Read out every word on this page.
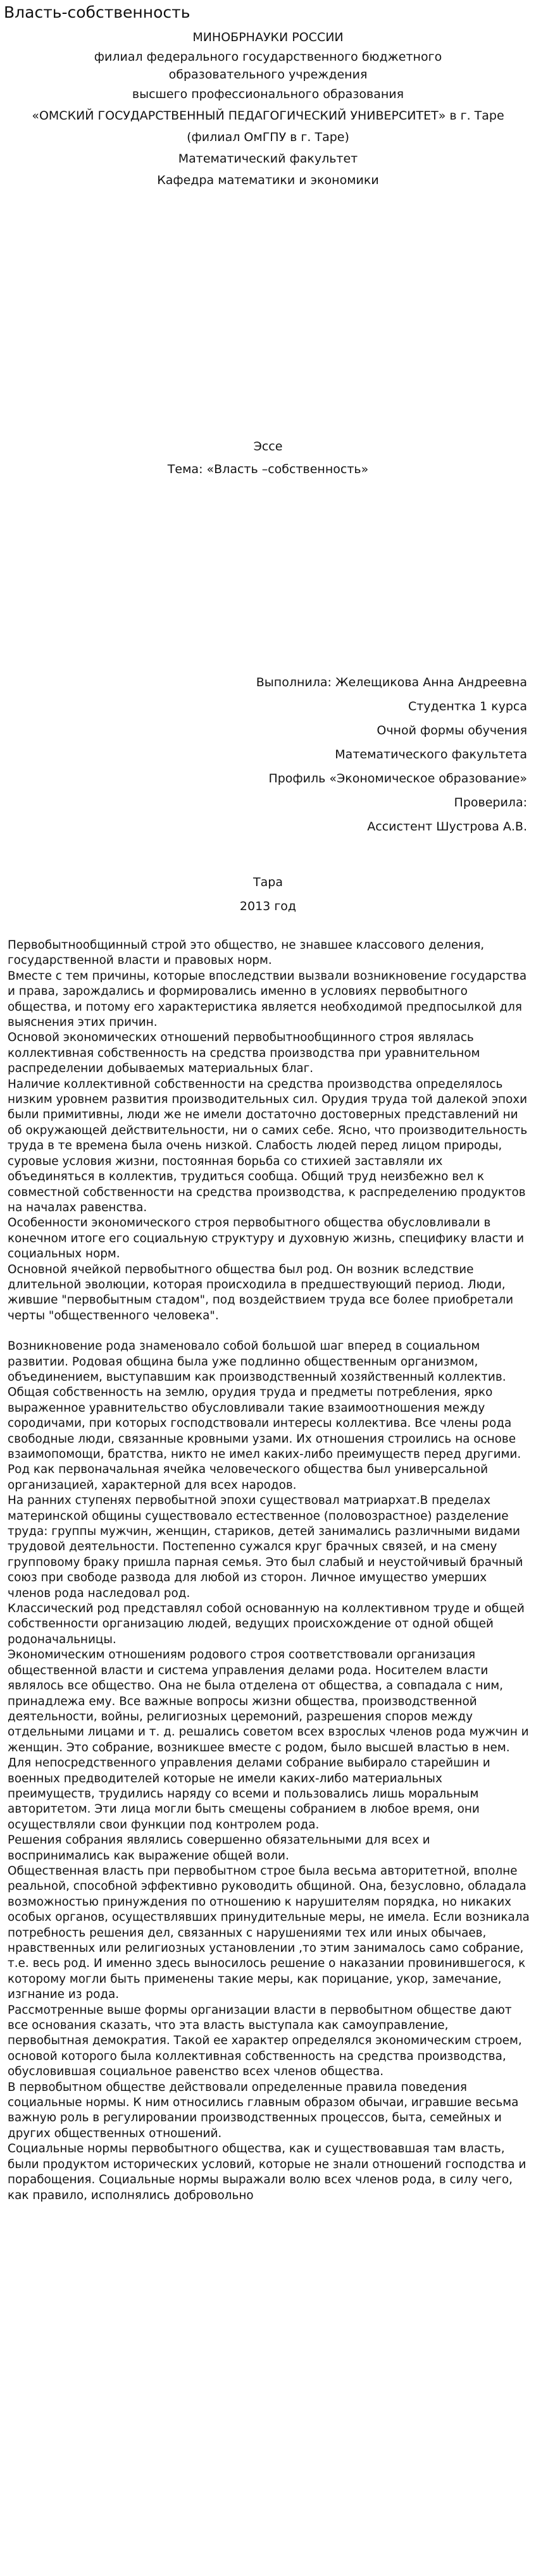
Власть-собственность
МИНОБРНАУКИ РОССИИ
филиал федерального государственного бюджетного образовательного учреждения
высшего профессионального образования
«ОМСКИЙ ГОСУДАРСТВЕННЫЙ ПЕДАГОГИЧЕСКИЙ УНИВЕРСИТЕТ» в г. Таре
(филиал ОмГПУ в г. Таре)
Математический факультет
Кафедра математики и экономики
Эссе
Тема: «Власть –собственность»
Выполнила: Желещикова Анна Андреевна
Студентка 1 курса
Очной формы обучения
Математического факультета
Профиль «Экономическое образование»
Проверила:
Ассистент Шустрова А.В.
Тара
2013 год

Первобытнообщинный строй это общество, не знавшее классового деления, государственной власти и правовых норм.

Вместе с тем причины, которые впоследствии вызвали возникновение государства и права, зарождались и формировались именно в условиях первобытного общества, и потому его характеристика является необходимой предпосылкой для выяснения этих причин.

Основой экономических отношений первобытнообщинного строя являлась коллективная собственность на средства производства при уравнительном распределении добываемых материальных благ.

Наличие коллективной собственности на средства производства определялось низким уровнем развития производительных сил. Орудия труда той далекой эпохи были примитивны, люди же не имели достаточно достоверных представлений ни об окружающей действительности, ни о самих себе. Ясно, что производительность труда в те времена была очень низкой. Слабость людей перед лицом природы, суровые условия жизни, постоянная борьба со стихией заставляли их объединяться в коллектив, трудиться сообща. Общий труд неизбежно вел к совместной собственности на средства производства, к распределению продуктов на началах равенства.

Особенности экономического строя первобытного общества обусловливали в конечном итоге его социальную структуру и духовную жизнь, специфику власти и социальных норм.

Основной ячейкой первобытного общества был род. Он возник вследствие длительной эволюции, которая происходила в предшествующий период. Люди, жившие "первобытным стадом", под воздействием труда все более приобретали черты "общественного человека".

Возникновение рода знаменовало собой большой шаг вперед в социальном развитии. Родовая община была уже подлинно общественным организмом, объединением, выступавшим как производственный хозяйственный коллектив. Общая собственность на землю, орудия труда и предметы потребления, ярко выраженное уравнительство обусловливали такие взаимоотношения между сородичами, при которых господствовали интересы коллектива. Все члены рода свободные люди, связанные кровными узами. Их отношения строились на основе взаимопомощи, братства, никто не имел каких-либо преимуществ перед другими. Род как первоначальная ячейка человеческого общества был универсальной организацией, характерной для всех народов.

На ранних ступенях первобытной эпохи существовал матриархат.В пределах материнской общины существовало естественное (половозрастное) разделение труда: группы мужчин, женщин, стариков, детей занимались различными видами трудовой деятельности. Постепенно сужался круг брачных связей, и на смену групповому браку пришла парная семья. Это был слабый и неустойчивый брачный союз при свободе развода для любой из сторон. Личное имущество умерших членов рода наследовал род.

Классический род представлял собой основанную на коллективном труде и общей собственности организацию людей, ведущих происхождение от одной общей родоначальницы.

Экономическим отношениям родового строя соответствовали организация общественной власти и система управления делами рода. Носителем власти являлось все общество. Она не была отделена от общества, а совпадала с ним, принадлежа ему. Все важные вопросы жизни общества, производственной деятельности, войны, религиозных церемоний, разрешения споров между отдельными лицами и т. д. решались советом всех взрослых членов рода мужчин и женщин. Это собрание, возникшее вместе с родом, было высшей властью в нем. Для непосредственного управления делами собрание выбирало старейшин и военных предводителей которые не имели каких-либо материальных преимуществ, трудились наряду со всеми и пользовались лишь моральным авторитетом. Эти лица могли быть смещены собранием в любое время, они осуществляли свои функции под контролем рода.

Решения собрания являлись совершенно обязательными для всех и воспринимались как выражение общей воли.

Общественная власть при первобытном строе была весьма авторитетной, вполне реальной, способной эффективно руководить общиной. Она, безусловно, обладала возможностью принуждения по отношению к нарушителям порядка, но никаких особых органов, осуществлявших принудительные меры, не имела. Если возникала потребность решения дел, связанных с нарушениями тех или иных обычаев, нравственных или религиозных установлении ,то этим занималось само собрание, т.е. весь род. И именно здесь выносилось решение о наказании провинившегося, к которому могли быть применены такие меры, как порицание, укор, замечание, изгнание из рода.

Рассмотренные выше формы организации власти в первобытном обществе дают все основания сказать, что эта власть выступала как самоуправление, первобытная демократия. Такой ее характер определялся экономическим строем, основой которого была коллективная собственность на средства производства, обусловившая социальное равенство всех членов общества.

В первобытном обществе действовали определенные правила поведения социальные нормы. К ним относились главным образом обычаи, игравшие весьма важную роль в регулировании производственных процессов, быта, семейных и других общественных отношений.

Социальные нормы первобытного общества, как и существовавшая там власть, были продуктом исторических условий, которые не знали отношений господства и порабощения. Социальные нормы выражали волю всех членов рода, в силу чего, как правило, исполнялись добровольно
